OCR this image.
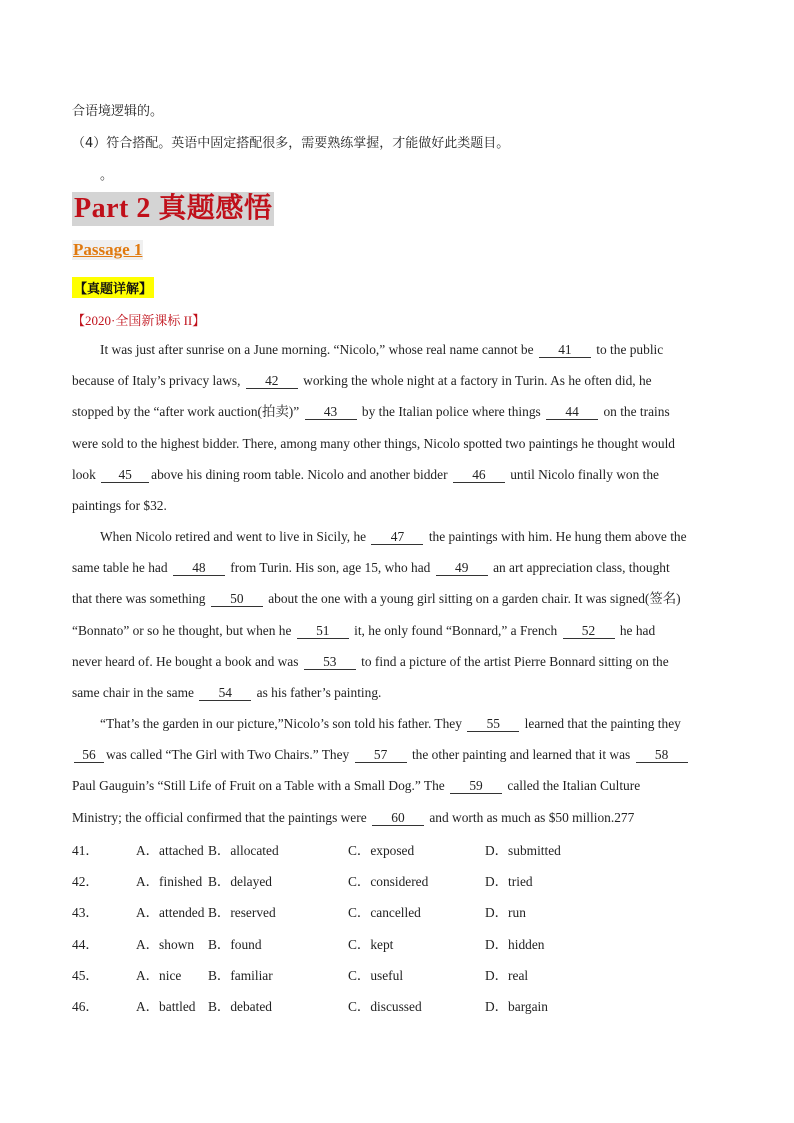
合语境逻辑的。
（4）符合搭配。英语中固定搭配很多，需要熟练掌握，才能做好此类题目。
。
Part 2 真题感悟
Passage 1
【真题详解】
【2020·全国新课标 II】
It was just after sunrise on a June morning. “Nicolo,” whose real name cannot be 41 to the public
because of Italy’s privacy laws, 42 working the whole night at a factory in Turin. As he often did, he
stopped by the “after work auction(拍卖)” 43 by the Italian police where things 44 on the trains
were sold to the highest bidder. There, among many other things, Nicolo spotted two paintings he thought would
look 45 above his dining room table. Nicolo and another bidder 46 until Nicolo finally won the
paintings for $32.
When Nicolo retired and went to live in Sicily, he 47 the paintings with him. He hung them above the
same table he had 48 from Turin. His son, age 15, who had 49 an art appreciation class, thought
that there was something 50 about the one with a young girl sitting on a garden chair. It was signed(签名)
“Bonnato” or so he thought, but when he 51 it, he only found “Bonnard,” a French 52 he had
never heard of. He bought a book and was 53 to find a picture of the artist Pierre Bonnard sitting on the
same chair in the same 54 as his father’s painting.
“That’s the garden in our picture,”Nicolo’s son told his father. They 55 learned that the painting they
56 was called “The Girl with Two Chairs.” They 57 the other painting and learned that it was 58
Paul Gauguin’s “Still Life of Fruit on a Table with a Small Dog.” The 59 called the Italian Culture
Ministry; the official confirmed that the paintings were 60 and worth as much as $50 million.277
41．	A．attached B．allocated	C．exposed	D．submitted
42．	A．finished B．delayed	C．considered	D．tried
43．	A．attended B．reserved	C．cancelled	D．run
44．	A．shown B．found	C．kept	D．hidden
45．	A．nice B．familiar	C．useful	D．real
46．	A．battled B．debated	C．discussed	D．bargain
